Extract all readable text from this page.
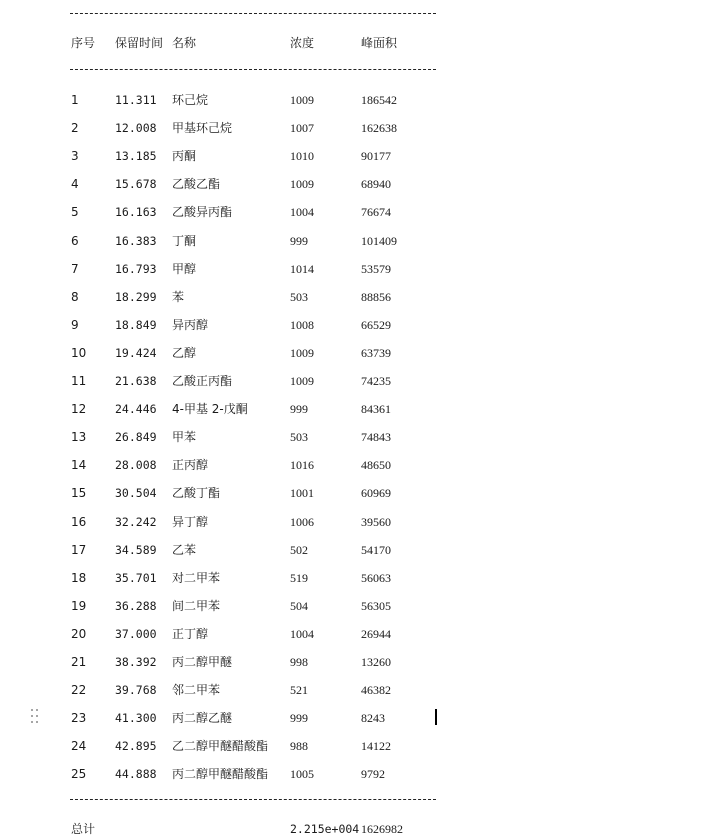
序号 保留时间 名称	浓度	峰面积
1	11.311 环己烷	1009	186542
2	12.008 甲基环己烷	1007	162638
3	13.185 丙酮	1010	90177
4	15.678 乙酸乙酯	1009	68940
5	16.163 乙酸异丙酯	1004	76674
6	16.383 丁酮	999	101409
7	16.793 甲醇	1014	53579
8	18.299 苯	503	88856
9	18.849 异丙醇	1008	66529
10 19.424 乙醇	1009	63739
11 21.638 乙酸正丙酯	1009	74235
12 24.446 4-甲基 2-戊酮	999	84361
13 26.849 甲苯	503	74843
14 28.008 正丙醇	1016	48650
15 30.504 乙酸丁酯	1001	60969
16 32.242 异丁醇	1006	39560
17 34.589 乙苯	502	54170
18 35.701 对二甲苯	519	56063
19 36.288 间二甲苯	504	56305
20 37.000 正丁醇	1004	26944
21 38.392 丙二醇甲醚	998	13260
22 39.768 邻二甲苯	521	46382
23 41.300 丙二醇乙醚	999	8243
24 42.895 乙二醇甲醚醋酸酯 988	14122
25 44.888 丙二醇甲醚醋酸酯 1005	9792
总计	2.215e+004 1626982
